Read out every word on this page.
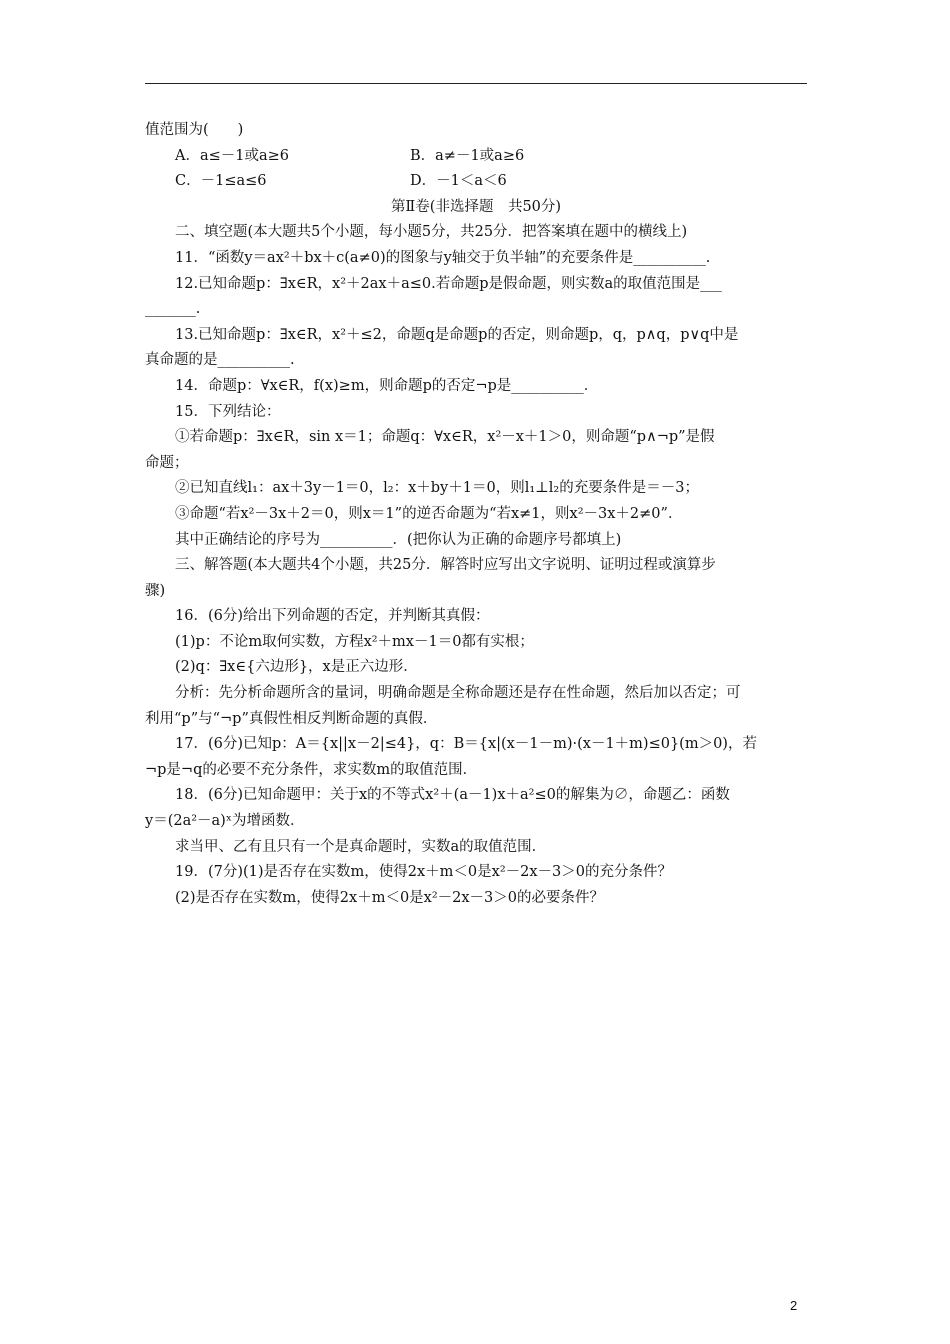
值范围为(　　)
A．a≤－1或a≥6	B．a≠－1或a≥6
C．－1≤a≤6	D．－1＜a＜6
第Ⅱ卷(非选择题　共50分)
二、填空题(本大题共5个小题，每小题5分，共25分．把答案填在题中的横线上)
11．“函数y＝ax²＋bx＋c(a≠0)的图象与y轴交于负半轴”的充要条件是__________.
12.已知命题p：∃x∈R，x²＋2ax＋a≤0.若命题p是假命题，则实数a的取值范围是___
_______.
13.已知命题p：∃x∈R，x²＋≤2，命题q是命题p的否定，则命题p，q，p∧q，p∨q中是
真命题的是__________.
14．命题p：∀x∈R，f(x)≥m，则命题p的否定¬p是__________．
15．下列结论：
①若命题p：∃x∈R，sin x＝1；命题q：∀x∈R，x²－x＋1＞0，则命题“p∧¬p”是假
命题；
②已知直线l₁：ax＋3y－1＝0，l₂：x＋by＋1＝0，则l₁⊥l₂的充要条件是＝－3；
③命题“若x²－3x＋2＝0，则x＝1”的逆否命题为“若x≠1，则x²－3x＋2≠0”．
其中正确结论的序号为__________．(把你认为正确的命题序号都填上)
三、解答题(本大题共4个小题，共25分．解答时应写出文字说明、证明过程或演算步
骤)
16．(6分)给出下列命题的否定，并判断其真假：
(1)p：不论m取何实数，方程x²＋mx－1＝0都有实根；
(2)q：∃x∈{六边形}，x是正六边形．
分析：先分析命题所含的量词，明确命题是全称命题还是存在性命题，然后加以否定；可
利用“p”与“¬p”真假性相反判断命题的真假．
17．(6分)已知p：A＝{x||x－2|≤4}，q：B＝{x|(x－1－m)·(x－1＋m)≤0}(m＞0)，若
¬p是¬q的必要不充分条件，求实数m的取值范围．
18．(6分)已知命题甲：关于x的不等式x²＋(a－1)x＋a²≤0的解集为∅，命题乙：函数
y＝(2a²－a)ˣ为增函数．
求当甲、乙有且只有一个是真命题时，实数a的取值范围．
19．(7分)(1)是否存在实数m，使得2x＋m＜0是x²－2x－3＞0的充分条件？
(2)是否存在实数m，使得2x＋m＜0是x²－2x－3＞0的必要条件？
2
